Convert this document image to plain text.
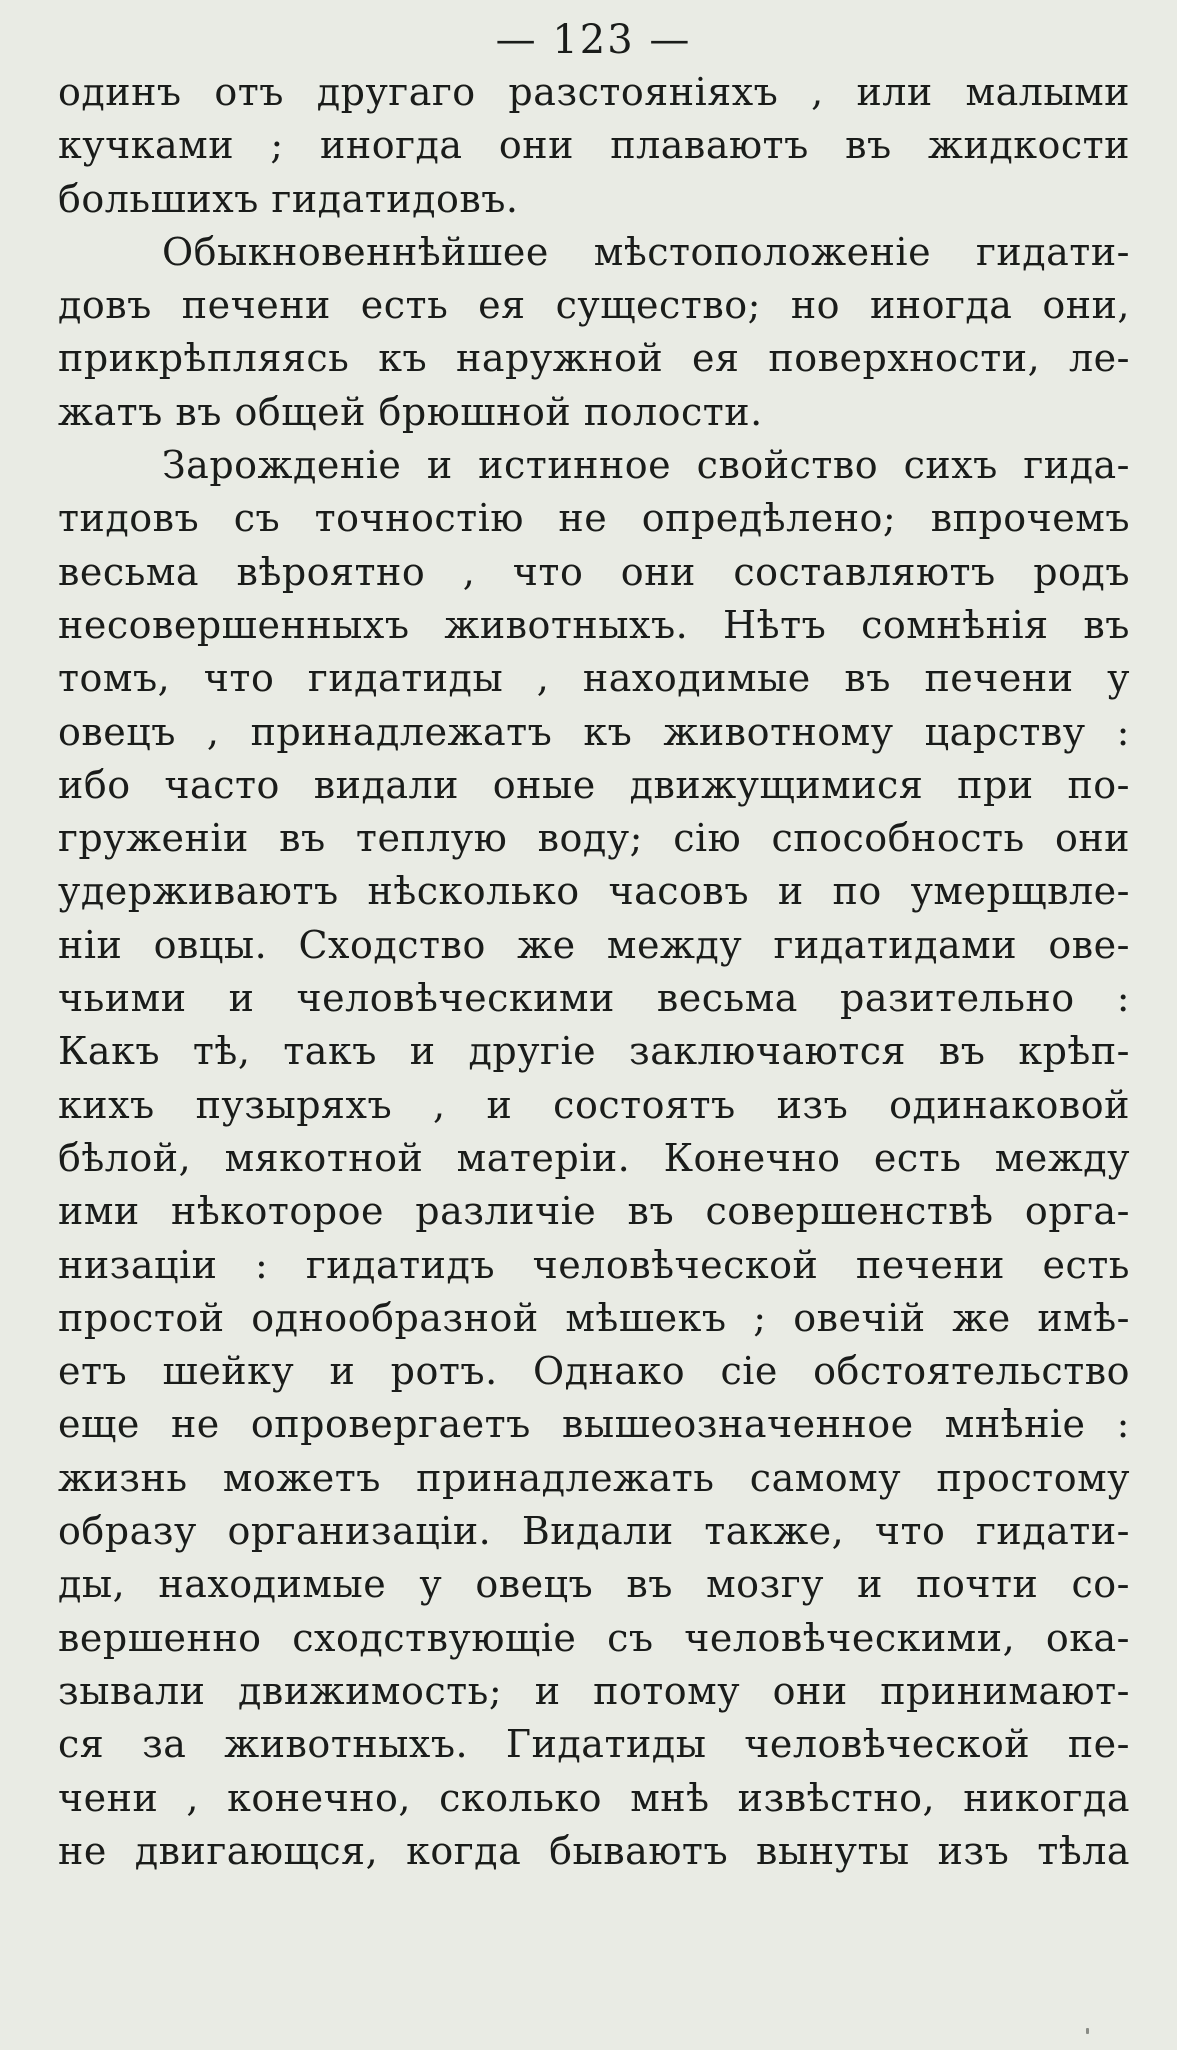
— 123 —
одинъ отъ другаго разстояніяхъ , или малыми
кучками ; иногда они плаваютъ въ жидкости
большихъ гидатидовъ.
Обыкновеннѣйшее мѣстоположеніе гидати-
довъ печени есть ея существо; но иногда они,
прикрѣпляясь къ наружной ея поверхности, ле-
жатъ въ общей брюшной полости.
Зарожденіе и истинное свойство сихъ гида-
тидовъ съ точностію не опредѣлено; впрочемъ
весьма вѣроятно , что они составляютъ родъ
несовершенныхъ животныхъ. Нѣтъ сомнѣнія въ
томъ, что гидатиды , находимые въ печени у
овецъ , принадлежатъ къ животному царству :
ибо часто видали оные движущимися при по-
груженіи въ теплую воду; сію способность они
удерживаютъ нѣсколько часовъ и по умерщвле-
ніи овцы. Сходство же между гидатидами ове-
чьими и человѣческими весьма разительно :
Какъ тѣ, такъ и другіе заключаются въ крѣп-
кихъ пузыряхъ , и состоятъ изъ одинаковой
бѣлой, мякотной матеріи. Конечно есть между
ими нѣкоторое различіе въ совершенствѣ орга-
низаціи : гидатидъ человѣческой печени есть
простой однообразной мѣшекъ ; овечій же имѣ-
етъ шейку и ротъ. Однако сіе обстоятельство
еще не опровергаетъ вышеозначенное мнѣніе :
жизнь можетъ принадлежать самому простому
образу организаціи. Видали также, что гидати-
ды, находимые у овецъ въ мозгу и почти со-
вершенно сходствующіе съ человѣческими, ока-
зывали движимость; и потому они принимают-
ся за животныхъ. Гидатиды человѣческой пе-
чени , конечно, сколько мнѣ извѣстно, никогда
не двигающся, когда бываютъ вынуты изъ тѣла
